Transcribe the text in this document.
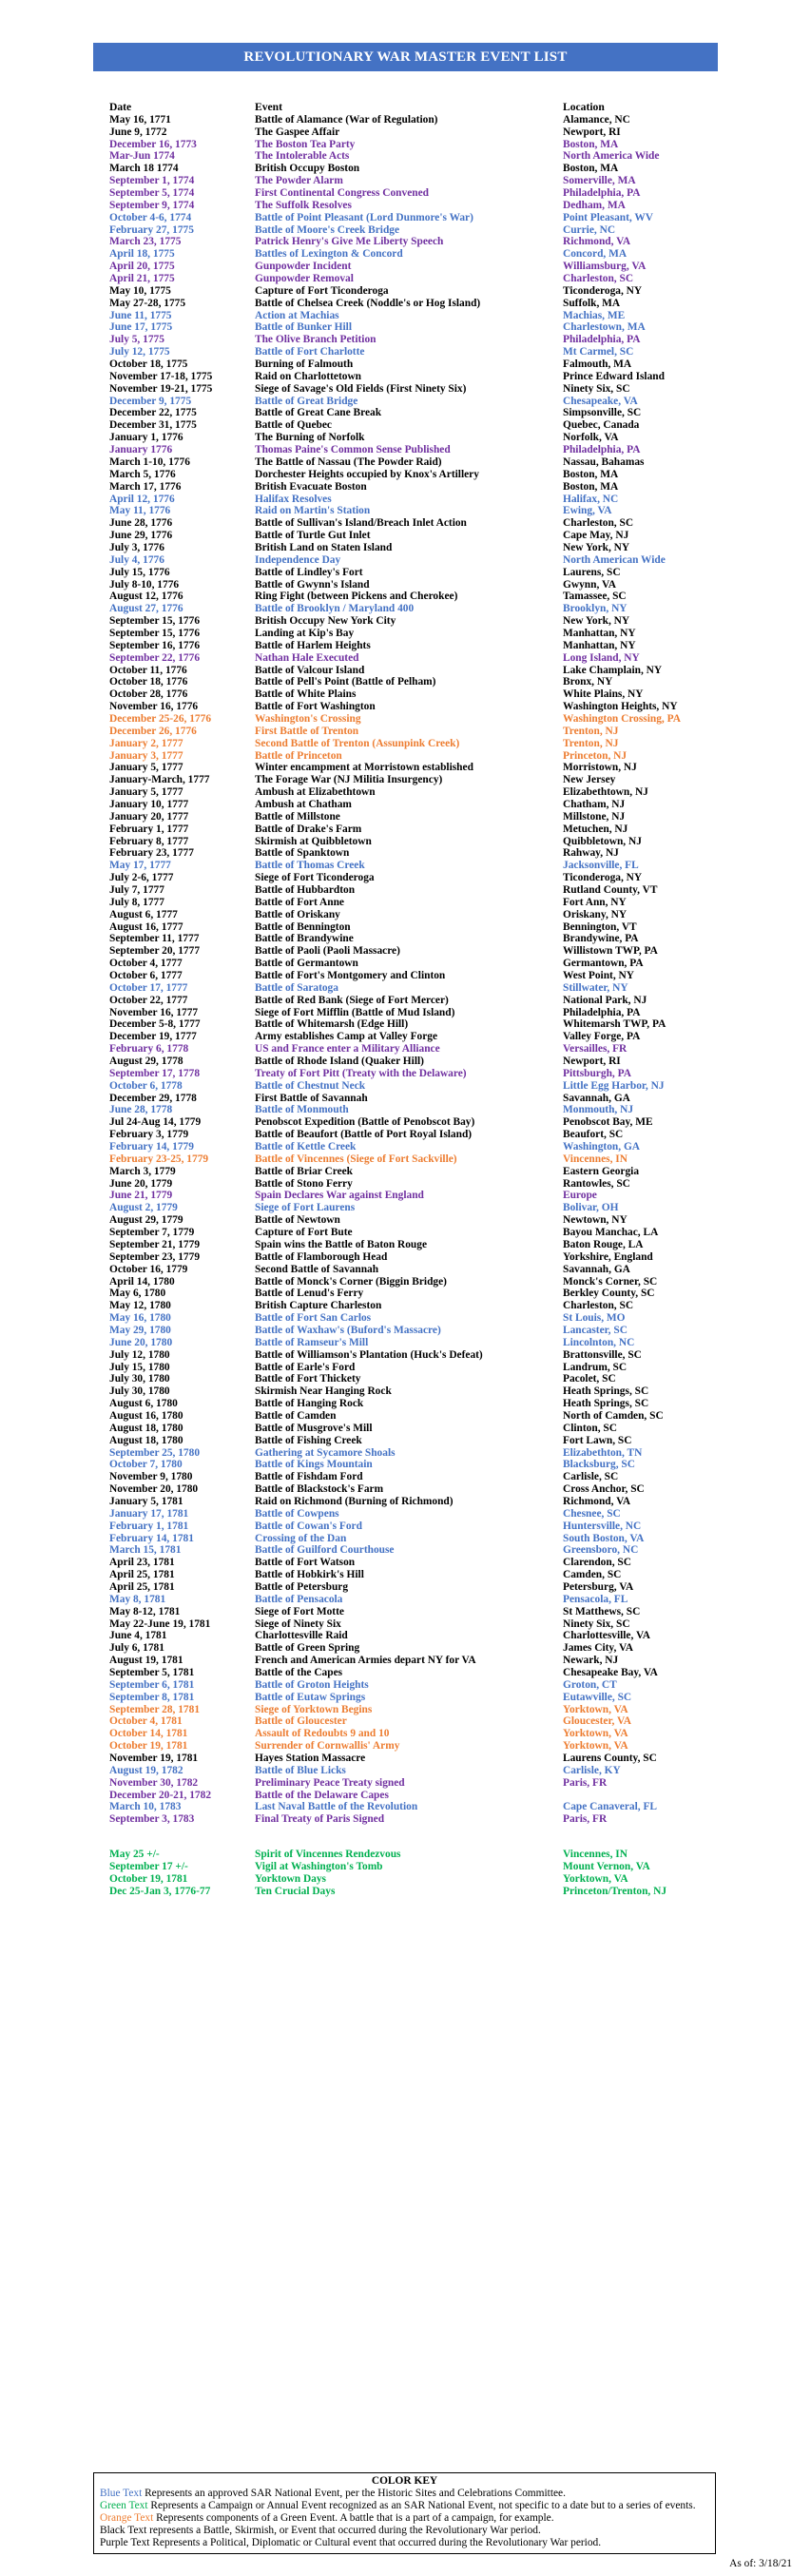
REVOLUTIONARY WAR MASTER EVENT LIST
Date	Event	Location
May 16, 1771	Battle of Alamance (War of Regulation)	Alamance, NC
June 9, 1772	The Gaspee Affair	Newport, RI
December 16, 1773	The Boston Tea Party	Boston, MA
Mar-Jun 1774	The Intolerable Acts	North America Wide
March 18 1774	British Occupy Boston	Boston, MA
September 1, 1774	The Powder Alarm	Somerville, MA
September 5, 1774	First Continental Congress Convened	Philadelphia, PA
September 9, 1774	The Suffolk Resolves	Dedham, MA
October 4-6, 1774	Battle of Point Pleasant (Lord Dunmore's War)	Point Pleasant, WV
February 27, 1775	Battle of Moore's Creek Bridge	Currie, NC
March 23, 1775	Patrick Henry's Give Me Liberty Speech	Richmond, VA
April 18, 1775	Battles of Lexington & Concord	Concord, MA
April 20, 1775	Gunpowder Incident	Williamsburg, VA
April 21, 1775	Gunpowder Removal	Charleston, SC
May 10, 1775	Capture of Fort Ticonderoga	Ticonderoga, NY
May 27-28, 1775	Battle of Chelsea Creek (Noddle's or Hog Island)	Suffolk, MA
June 11, 1775	Action at Machias	Machias, ME
June 17, 1775	Battle of Bunker Hill	Charlestown, MA
July 5, 1775	The Olive Branch Petition	Philadelphia, PA
July 12, 1775	Battle of Fort Charlotte	Mt Carmel, SC
October 18, 1775	Burning of Falmouth	Falmouth, MA
November 17-18, 1775	Raid on Charlottetown	Prince Edward Island
November 19-21, 1775	Siege of Savage's Old Fields (First Ninety Six)	Ninety Six, SC
December 9, 1775	Battle of Great Bridge	Chesapeake, VA
December 22, 1775	Battle of Great Cane Break	Simpsonville, SC
December 31, 1775	Battle of Quebec	Quebec, Canada
January 1, 1776	The Burning of Norfolk	Norfolk, VA
January 1776	Thomas Paine's Common Sense Published	Philadelphia, PA
March 1-10, 1776	The Battle of Nassau (The Powder Raid)	Nassau, Bahamas
March 5, 1776	Dorchester Heights occupied by Knox's Artillery	Boston, MA
March 17, 1776	British Evacuate Boston	Boston, MA
April 12, 1776	Halifax Resolves	Halifax, NC
May 11, 1776	Raid on Martin's Station	Ewing, VA
June 28, 1776	Battle of Sullivan's Island/Breach Inlet Action	Charleston, SC
June 29, 1776	Battle of Turtle Gut Inlet	Cape May, NJ
July 3, 1776	British Land on Staten Island	New York, NY
July 4, 1776	Independence Day	North American Wide
July 15, 1776	Battle of Lindley's Fort	Laurens, SC
July 8-10, 1776	Battle of Gwynn's Island	Gwynn, VA
August 12, 1776	Ring Fight (between Pickens and Cherokee)	Tamassee, SC
August 27, 1776	Battle of Brooklyn / Maryland 400	Brooklyn, NY
September 15, 1776	British Occupy New York City	New York, NY
September 15, 1776	Landing at Kip's Bay	Manhattan, NY
September 16, 1776	Battle of Harlem Heights	Manhattan, NY
September 22, 1776	Nathan Hale Executed	Long Island, NY
October 11, 1776	Battle of Valcour Island	Lake Champlain, NY
October 18, 1776	Battle of Pell's Point (Battle of Pelham)	Bronx, NY
October 28, 1776	Battle of White Plains	White Plains, NY
November 16, 1776	Battle of Fort Washington	Washington Heights, NY
December 25-26, 1776	Washington's Crossing	Washington Crossing, PA
December 26, 1776	First Battle of Trenton	Trenton, NJ
January 2, 1777	Second Battle of Trenton (Assunpink Creek)	Trenton, NJ
January 3, 1777	Battle of Princeton	Princeton, NJ
January 5, 1777	Winter encampment at Morristown established	Morristown, NJ
January-March, 1777	The Forage War (NJ Militia Insurgency)	New Jersey
January 5, 1777	Ambush at Elizabethtown	Elizabethtown, NJ
January 10, 1777	Ambush at Chatham	Chatham, NJ
January 20, 1777	Battle of Millstone	Millstone, NJ
February 1, 1777	Battle of Drake's Farm	Metuchen, NJ
February 8, 1777	Skirmish at Quibbletown	Quibbletown, NJ
February 23, 1777	Battle of Spanktown	Rahway, NJ
May 17, 1777	Battle of Thomas Creek	Jacksonville, FL
July 2-6, 1777	Siege of Fort Ticonderoga	Ticonderoga, NY
July 7, 1777	Battle of Hubbardton	Rutland County, VT
July 8, 1777	Battle of Fort Anne	Fort Ann, NY
August 6, 1777	Battle of Oriskany	Oriskany, NY
August 16, 1777	Battle of Bennington	Bennington, VT
September 11, 1777	Battle of Brandywine	Brandywine, PA
September 20, 1777	Battle of Paoli (Paoli Massacre)	Willistown TWP, PA
October 4, 1777	Battle of Germantown	Germantown, PA
October 6, 1777	Battle of Fort's Montgomery and Clinton	West Point, NY
October 17, 1777	Battle of Saratoga	Stillwater, NY
October 22, 1777	Battle of Red Bank (Siege of Fort Mercer)	National Park, NJ
November 16, 1777	Siege of Fort Mifflin (Battle of Mud Island)	Philadelphia, PA
December 5-8, 1777	Battle of Whitemarsh (Edge Hill)	Whitemarsh TWP, PA
December 19, 1777	Army establishes Camp at Valley Forge	Valley Forge, PA
February 6, 1778	US and France enter a Military Alliance	Versailles, FR
August 29, 1778	Battle of Rhode Island (Quaker Hill)	Newport, RI
September 17, 1778	Treaty of Fort Pitt (Treaty with the Delaware)	Pittsburgh, PA
October 6, 1778	Battle of Chestnut Neck	Little Egg Harbor, NJ
December 29, 1778	First Battle of Savannah	Savannah, GA
June 28, 1778	Battle of Monmouth	Monmouth, NJ
Jul 24-Aug 14, 1779	Penobscot Expedition (Battle of Penobscot Bay)	Penobscot Bay, ME
February 3, 1779	Battle of Beaufort (Battle of Port Royal Island)	Beaufort, SC
February 14, 1779	Battle of Kettle Creek	Washington, GA
February 23-25, 1779	Battle of Vincennes (Siege of Fort Sackville)	Vincennes, IN
March 3, 1779	Battle of Briar Creek	Eastern Georgia
June 20, 1779	Battle of Stono Ferry	Rantowles, SC
June 21, 1779	Spain Declares War against England	Europe
August 2, 1779	Siege of Fort Laurens	Bolivar, OH
August 29, 1779	Battle of Newtown	Newtown, NY
September 7, 1779	Capture of Fort Bute	Bayou Manchac, LA
September 21, 1779	Spain wins the Battle of Baton Rouge	Baton Rouge, LA
September 23, 1779	Battle of Flamborough Head	Yorkshire, England
October 16, 1779	Second Battle of Savannah	Savannah, GA
April 14, 1780	Battle of Monck's Corner (Biggin Bridge)	Monck's Corner, SC
May 6, 1780	Battle of Lenud's Ferry	Berkley County, SC
May 12, 1780	British Capture Charleston	Charleston, SC
May 16, 1780	Battle of Fort San Carlos	St Louis, MO
May 29, 1780	Battle of Waxhaw's (Buford's Massacre)	Lancaster, SC
June 20, 1780	Battle of Ramseur's Mill	Lincolnton, NC
July 12, 1780	Battle of Williamson's Plantation (Huck's Defeat)	Brattonsville, SC
July 15, 1780	Battle of Earle's Ford	Landrum, SC
July 30, 1780	Battle of Fort Thickety	Pacolet, SC
July 30, 1780	Skirmish Near Hanging Rock	Heath Springs, SC
August 6, 1780	Battle of Hanging Rock	Heath Springs, SC
August 16, 1780	Battle of Camden	North of Camden, SC
August 18, 1780	Battle of Musgrove's Mill	Clinton, SC
August 18, 1780	Battle of Fishing Creek	Fort Lawn, SC
September 25, 1780	Gathering at Sycamore Shoals	Elizabethton, TN
October 7, 1780	Battle of Kings Mountain	Blacksburg, SC
November 9, 1780	Battle of Fishdam Ford	Carlisle, SC
November 20, 1780	Battle of Blackstock's Farm	Cross Anchor, SC
January 5, 1781	Raid on Richmond (Burning of Richmond)	Richmond, VA
January 17, 1781	Battle of Cowpens	Chesnee, SC
February 1, 1781	Battle of Cowan's Ford	Huntersville, NC
February 14, 1781	Crossing of the Dan	South Boston, VA
March 15, 1781	Battle of Guilford Courthouse	Greensboro, NC
April 23, 1781	Battle of Fort Watson	Clarendon, SC
April 25, 1781	Battle of Hobkirk's Hill	Camden, SC
April 25, 1781	Battle of Petersburg	Petersburg, VA
May 8, 1781	Battle of Pensacola	Pensacola, FL
May 8-12, 1781	Siege of Fort Motte	St Matthews, SC
May 22-June 19, 1781	Siege of Ninety Six	Ninety Six, SC
June 4, 1781	Charlottesville Raid	Charlottesville, VA
July 6, 1781	Battle of Green Spring	James City, VA
August 19, 1781	French and American Armies depart NY for VA	Newark, NJ
September 5, 1781	Battle of the Capes	Chesapeake Bay, VA
September 6, 1781	Battle of Groton Heights	Groton, CT
September 8, 1781	Battle of Eutaw Springs	Eutawville, SC
September 28, 1781	Siege of Yorktown Begins	Yorktown, VA
October 4, 1781	Battle of Gloucester	Gloucester, VA
October 14, 1781	Assault of Redoubts 9 and 10	Yorktown, VA
October 19, 1781	Surrender of Cornwallis' Army	Yorktown, VA
November 19, 1781	Hayes Station Massacre	Laurens County, SC
August 19, 1782	Battle of Blue Licks	Carlisle, KY
November 30, 1782	Preliminary Peace Treaty signed	Paris, FR
December 20-21, 1782	Battle of the Delaware Capes
March 10, 1783	Last Naval Battle of the Revolution	Cape Canaveral, FL
September 3, 1783	Final Treaty of Paris Signed	Paris, FR
May 25 +/-	Spirit of Vincennes Rendezvous	Vincennes, IN
September 17 +/-	Vigil at Washington's Tomb	Mount Vernon, VA
October 19, 1781	Yorktown Days	Yorktown, VA
Dec 25-Jan 3, 1776-77	Ten Crucial Days	Princeton/Trenton, NJ
COLOR KEY

Blue Text Represents an approved SAR National Event, per the Historic Sites and Celebrations Committee.

Green Text Represents a Campaign or Annual Event recognized as an SAR National Event, not specific to a date but to a series of events.

Orange Text Represents components of a Green Event. A battle that is a part of a campaign, for example.

Black Text represents a Battle, Skirmish, or Event that occurred during the Revolutionary War period.

Purple Text Represents a Political, Diplomatic or Cultural event that occurred during the Revolutionary War period.

As of: 3/18/21
